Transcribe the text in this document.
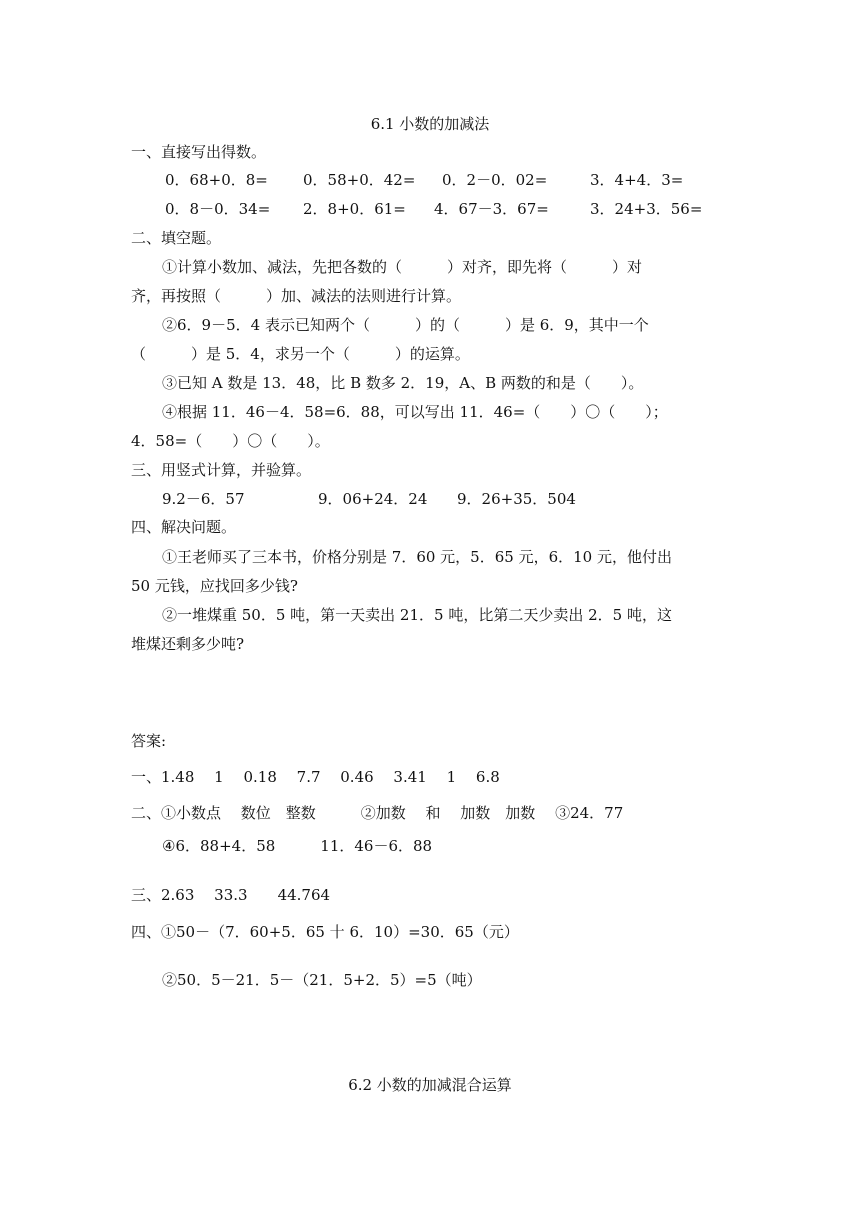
6.1 小数的加减法
一、直接写出得数。
0．68+0．8= 0．58+0．42= 0．2－0．02=	3．4+4．3=
0．8－0．34= 2．8+0．61= 4．67－3．67=	3．24+3．56=
二、填空题。
①计算小数加、减法，先把各数的（　　　）对齐，即先将（　　　）对
齐，再按照（　　　）加、减法的法则进行计算。
②6．9－5．4 表示已知两个（　　　）的（　　　）是 6．9，其中一个
（　　　）是 5．4，求另一个（　　　）的运算。
③已知 A 数是 13．48，比 B 数多 2．19，A、B 两数的和是（　　）。
④根据 11．46－4．58=6．88，可以写出 11．46=（　　）〇（　　）；
4．58=（　　）〇（　　）。
三、用竖式计算，并验算。
9.2－6．57	9．06+24．24 9．26+35．504
四、解决问题。
①王老师买了三本书，价格分别是 7．60 元，5．65 元，6．10 元，他付出
50 元钱，应找回多少钱?
②一堆煤重 50．5 吨，第一天卖出 21．5 吨，比第二天少卖出 2．5 吨，这
堆煤还剩多少吨?
答案:
一、1.48　 1　 0.18　 7.7　 0.46　 3.41　 1　 6.8
二、①小数点　 数位　整数　　　②加数　 和　 加数　加数　 ③24．77
④6．88+4．58　　　11．46－6．88
三、2.63　 33.3　　44.764
四、①50－（7．60+5．65 十 6．10）=30．65（元）
②50．5－21．5－（21．5+2．5）=5（吨）
6.2 小数的加减混合运算
